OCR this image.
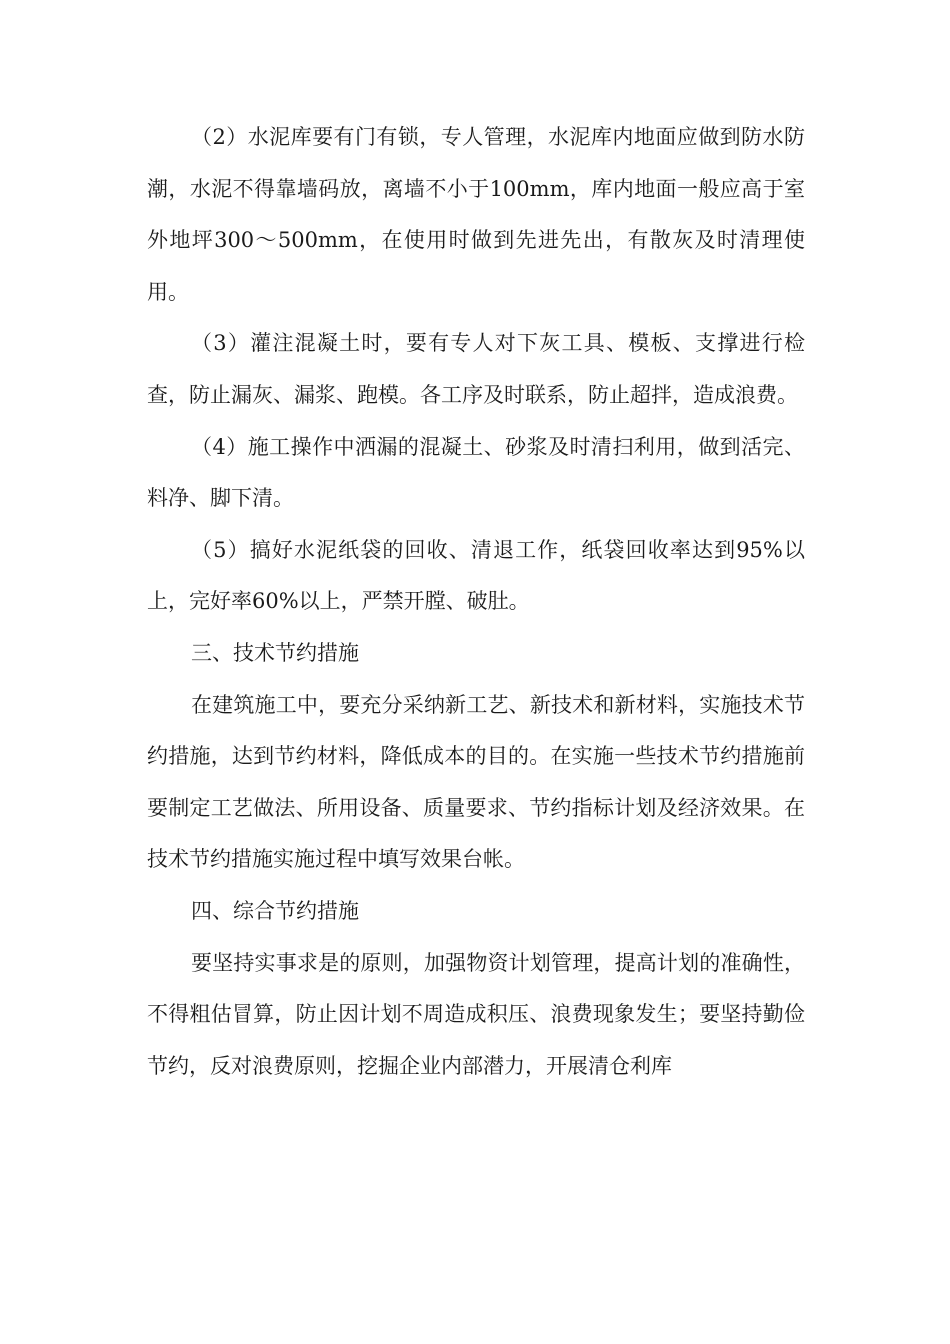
（2）水泥库要有门有锁，专人管理，水泥库内地面应做到防水防潮，水泥不得靠墙码放，离墙不小于100mm，库内地面一般应高于室外地坪300～500mm，在使用时做到先进先出，有散灰及时清理使用。

（3）灌注混凝土时，要有专人对下灰工具、模板、支撑进行检查，防止漏灰、漏浆、跑模。各工序及时联系，防止超拌，造成浪费。

（4）施工操作中洒漏的混凝土、砂浆及时清扫利用，做到活完、料净、脚下清。

（5）搞好水泥纸袋的回收、清退工作，纸袋回收率达到95%以上，完好率60%以上，严禁开膛、破肚。

三、技术节约措施

在建筑施工中，要充分采纳新工艺、新技术和新材料，实施技术节约措施，达到节约材料，降低成本的目的。在实施一些技术节约措施前要制定工艺做法、所用设备、质量要求、节约指标计划及经济效果。在技术节约措施实施过程中填写效果台帐。

四、综合节约措施

要坚持实事求是的原则，加强物资计划管理，提高计划的准确性，不得粗估冒算，防止因计划不周造成积压、浪费现象发生；要坚持勤俭节约，反对浪费原则，挖掘企业内部潜力，开展清仓利库
